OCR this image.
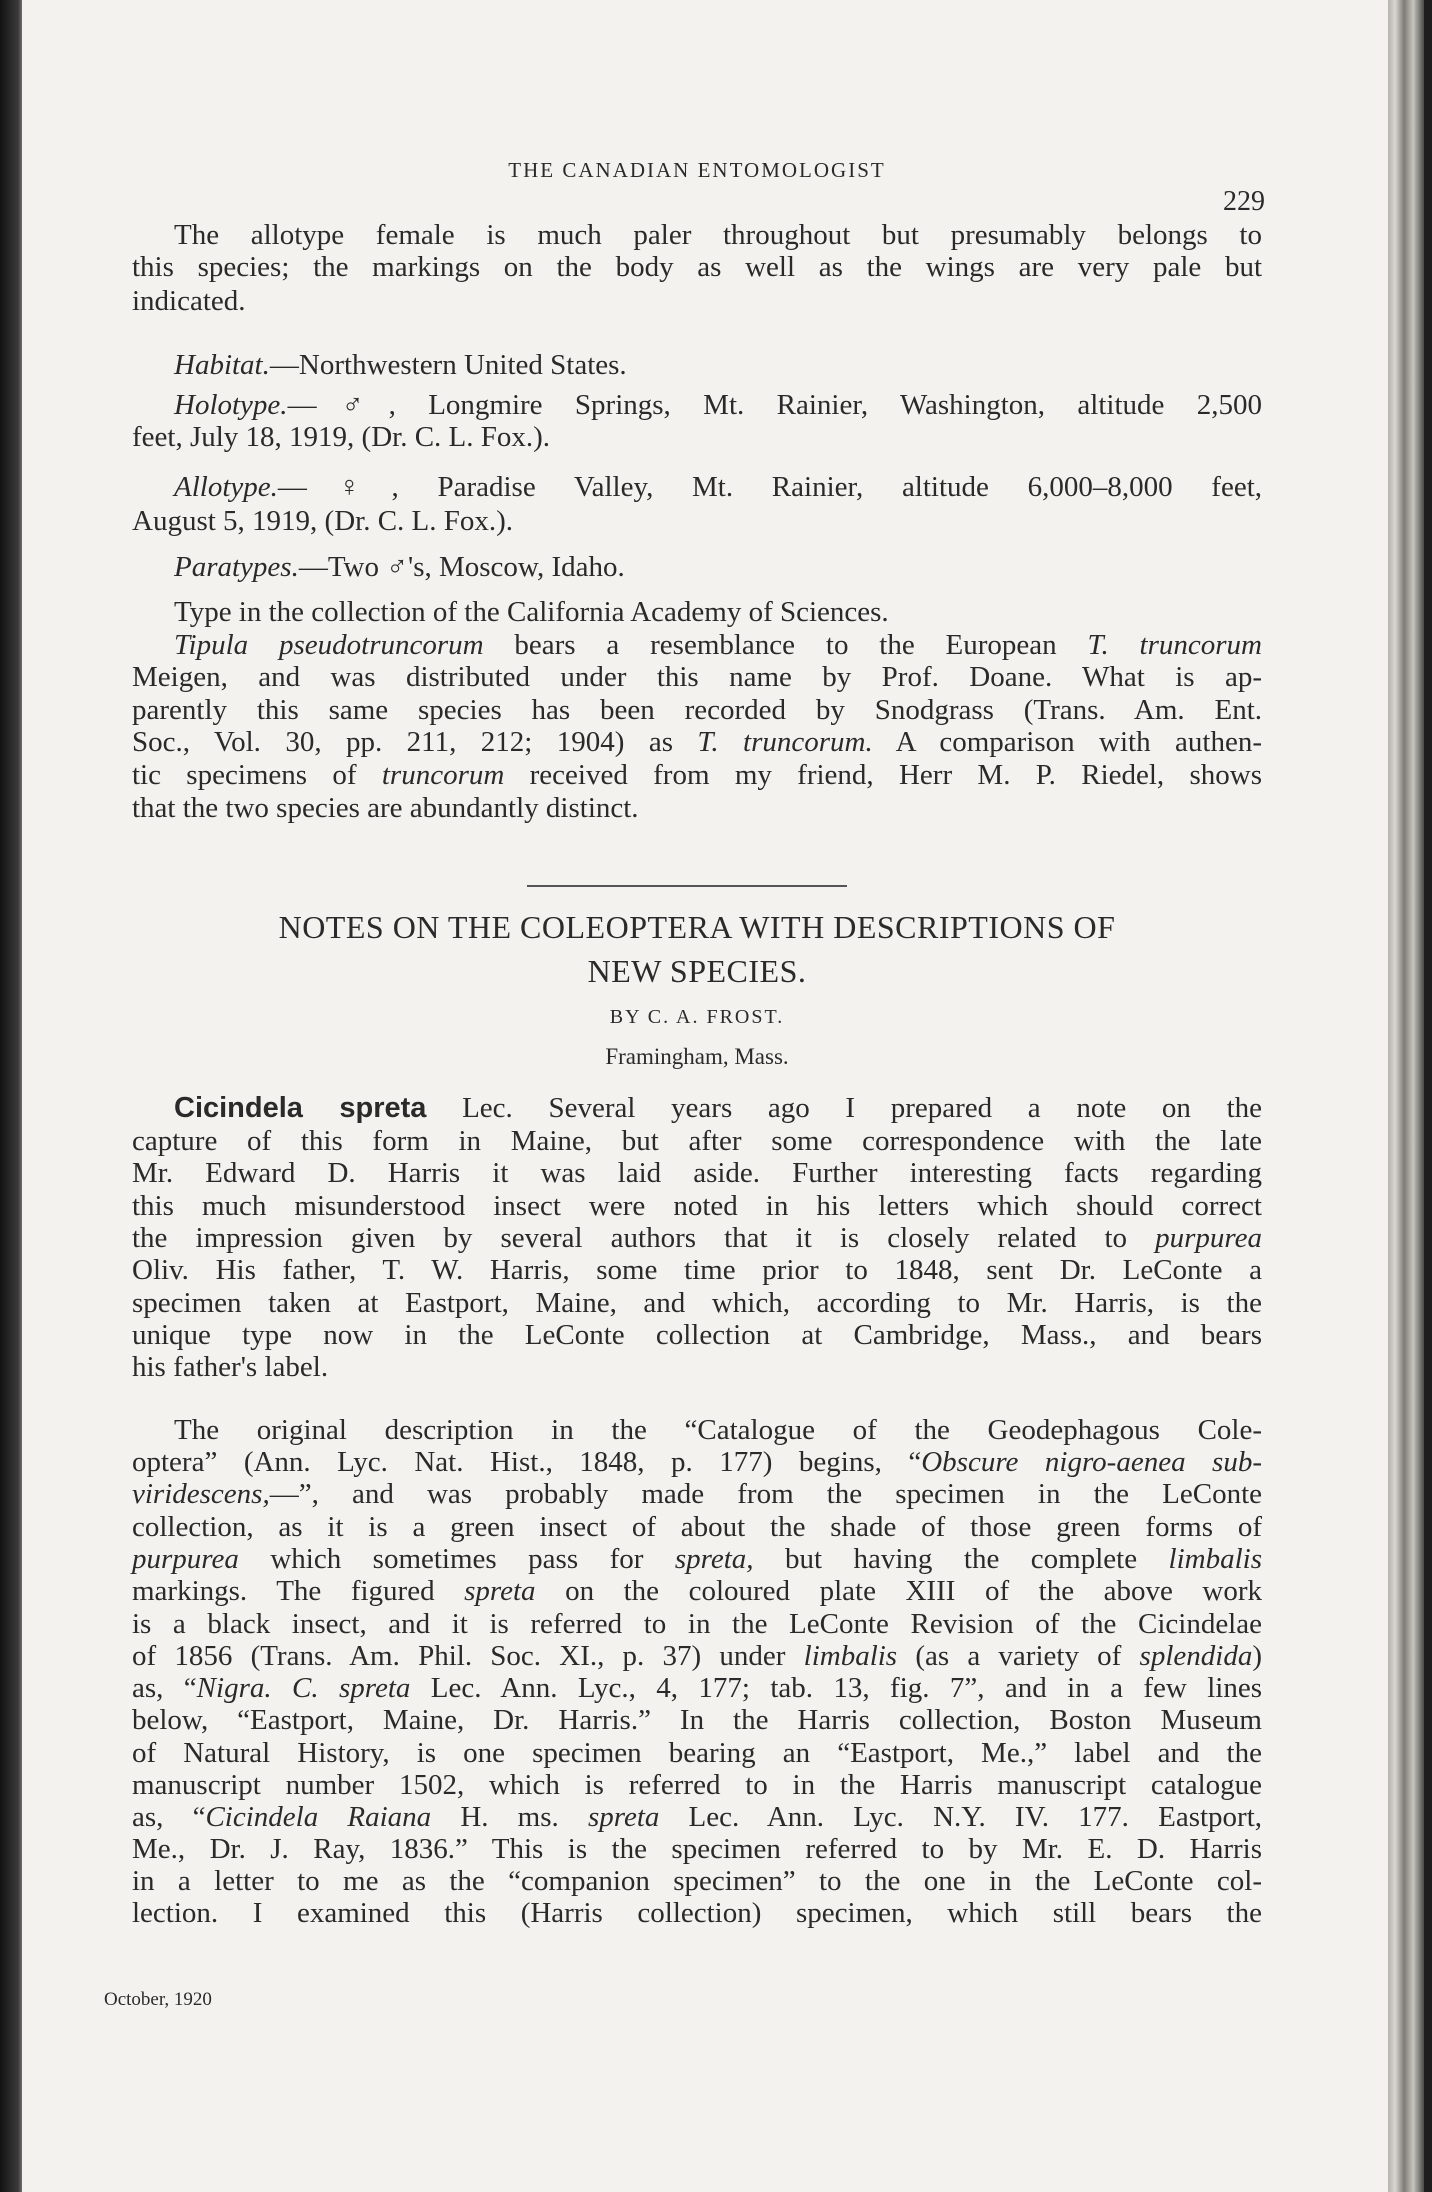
THE CANADIAN ENTOMOLOGIST
229
The allotype female is much paler throughout but presumably belongs to
this species; the markings on the body as well as the wings are very pale but
indicated.
Habitat.—Northwestern United States.
Holotype.—♂, Longmire Springs, Mt. Rainier, Washington, altitude 2,500
feet, July 18, 1919, (Dr. C. L. Fox.).
Allotype.—♀, Paradise Valley, Mt. Rainier, altitude 6,000–8,000 feet,
August 5, 1919, (Dr. C. L. Fox.).
Paratypes.—Two ♂'s, Moscow, Idaho.
Type in the collection of the California Academy of Sciences.
Tipula pseudotruncorum bears a resemblance to the European T. truncorum
Meigen, and was distributed under this name by Prof. Doane. What is ap-
parently this same species has been recorded by Snodgrass (Trans. Am. Ent.
Soc., Vol. 30, pp. 211, 212; 1904) as T. truncorum. A comparison with authen-
tic specimens of truncorum received from my friend, Herr M. P. Riedel, shows
that the two species are abundantly distinct.
NOTES ON THE COLEOPTERA WITH DESCRIPTIONS OF
NEW SPECIES.
BY C. A. FROST.
Framingham, Mass.
Cicindela spreta Lec. Several years ago I prepared a note on the
capture of this form in Maine, but after some correspondence with the late
Mr. Edward D. Harris it was laid aside. Further interesting facts regarding
this much misunderstood insect were noted in his letters which should correct
the impression given by several authors that it is closely related to purpurea
Oliv. His father, T. W. Harris, some time prior to 1848, sent Dr. LeConte a
specimen taken at Eastport, Maine, and which, according to Mr. Harris, is the
unique type now in the LeConte collection at Cambridge, Mass., and bears
his father's label.
The original description in the “Catalogue of the Geodephagous Cole-
optera” (Ann. Lyc. Nat. Hist., 1848, p. 177) begins, “Obscure nigro-aenea sub-
viridescens,—”, and was probably made from the specimen in the LeConte
collection, as it is a green insect of about the shade of those green forms of
purpurea which sometimes pass for spreta, but having the complete limbalis
markings. The figured spreta on the coloured plate XIII of the above work
is a black insect, and it is referred to in the LeConte Revision of the Cicindelae
of 1856 (Trans. Am. Phil. Soc. XI., p. 37) under limbalis (as a variety of splendida)
as, “Nigra. C. spreta Lec. Ann. Lyc., 4, 177; tab. 13, fig. 7”, and in a few lines
below, “Eastport, Maine, Dr. Harris.” In the Harris collection, Boston Museum
of Natural History, is one specimen bearing an “Eastport, Me.,” label and the
manuscript number 1502, which is referred to in the Harris manuscript catalogue
as, “Cicindela Raiana H. ms. spreta Lec. Ann. Lyc. N.Y. IV. 177. Eastport,
Me., Dr. J. Ray, 1836.” This is the specimen referred to by Mr. E. D. Harris
in a letter to me as the “companion specimen” to the one in the LeConte col-
lection. I examined this (Harris collection) specimen, which still bears the
October, 1920
